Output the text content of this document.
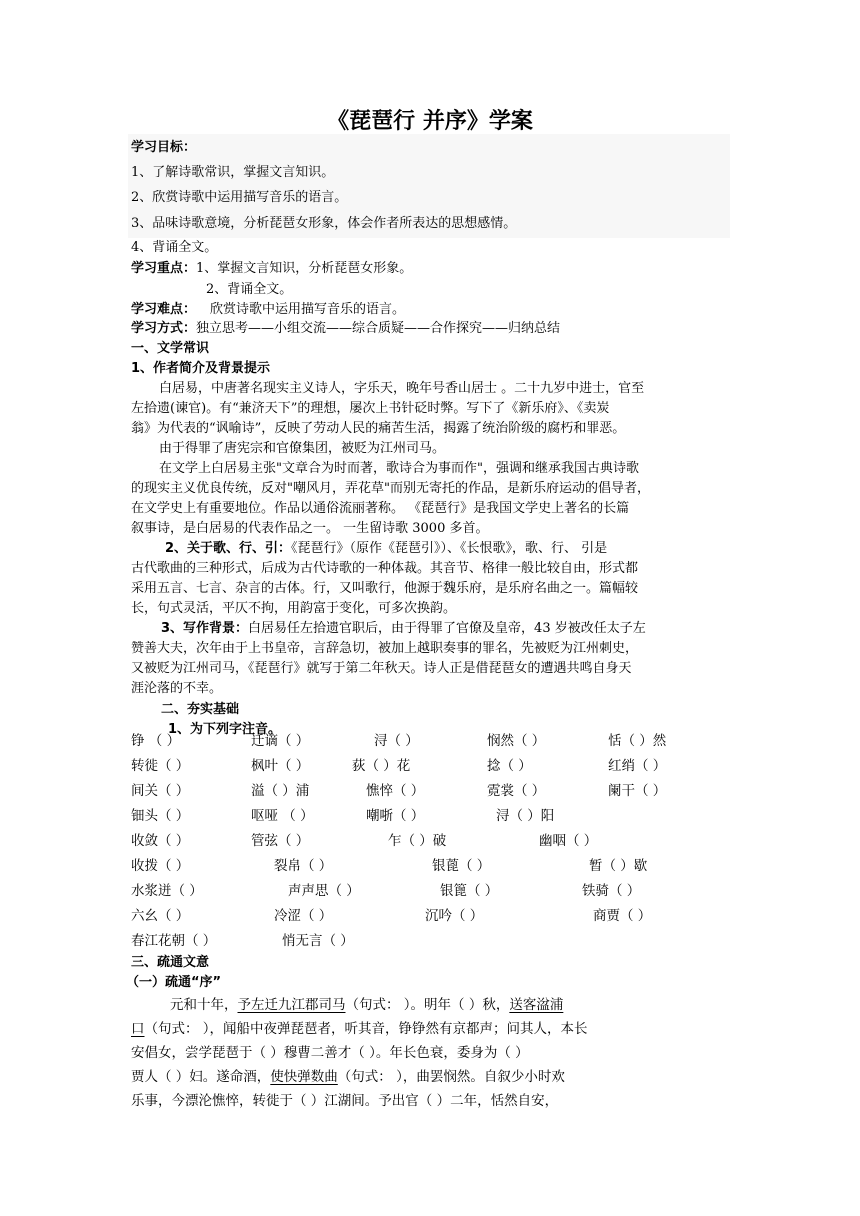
《琵琶行 并序》学案
学习目标：
1、了解诗歌常识，掌握文言知识。
2、欣赏诗歌中运用描写音乐的语言。
3、品味诗歌意境，分析琵琶女形象，体会作者所表达的思想感情。
4、背诵全文。
学习重点：1、掌握文言知识，分析琵琶女形象。
2、背诵全文。
学习难点： 欣赏诗歌中运用描写音乐的语言。
学习方式：独立思考——小组交流——综合质疑——合作探究——归纳总结
一、文学常识
1、作者简介及背景提示
白居易，中唐著名现实主义诗人，字乐天，晚年号香山居士 。二十九岁中进士，官至
左拾遗(谏官)。有“兼济天下”的理想，屡次上书针砭时弊。写下了《新乐府》、《卖炭
翁》为代表的“讽喻诗”，反映了劳动人民的痛苦生活，揭露了统治阶级的腐朽和罪恶。
由于得罪了唐宪宗和官僚集团，被贬为江州司马。
在文学上白居易主张"文章合为时而著，歌诗合为事而作"，强调和继承我国古典诗歌
的现实主义优良传统，反对"嘲风月，弄花草"而别无寄托的作品，是新乐府运动的倡导者，
在文学史上有重要地位。作品以通俗流丽著称。 《琵琶行》是我国文学史上著名的长篇
叙事诗，是白居易的代表作品之一。 一生留诗歌 3000 多首。
2、关于歌、行、引：《琵琶行》（原作《琵琶引》）、《长恨歌》，歌、行、 引是
古代歌曲的三种形式，后成为古代诗歌的一种体裁。其音节、格律一般比较自由，形式都
采用五言、七言、杂言的古体。行，又叫歌行，他源于魏乐府，是乐府名曲之一。篇幅较
长，句式灵活，平仄不拘，用韵富于变化，可多次换韵。
3、写作背景：白居易任左拾遗官职后，由于得罪了官僚及皇帝，43 岁被改任太子左
赞善大夫，次年由于上书皇帝，言辞急切，被加上越职奏事的罪名，先被贬为江州刺史，
又被贬为江州司马，《琵琶行》就写于第二年秋天。诗人正是借琵琶女的遭遇共鸣自身天
涯沦落的不幸。
二、夯实基础
1、为下列字注音。
铮 （ ）	迁谪（ ）	浔（ ）	悯然（ ）	恬（ ）然
转徙（ ）	枫叶（ ）	荻（ ）花	捻（ ）	红绡（ ）
间关（ ）	溢（ ）浦	憔悴（ ）	霓裳（ ）	阑干（ ）
钿头（ ）	呕哑 （ ）	嘲哳（ ）	浔（ ）阳
收敛（ ）	管弦（ ）	乍（ ）破	幽咽（ ）
收拨（ ）	裂帛（ ）	银蓖（ ）	暂（ ）歇
水浆迸（ ）	声声思（ ）	银篦（ ）	铁骑（ ）
六幺（ ）	冷涩（ ）	沉吟（ ）	商贾（ ）
春江花朝（ ）	悄无言（ ）
三、疏通文意
（一）疏通“序”
元和十年，予左迁九江郡司马（句式： ）。明年（ ）秋，送客湓浦
口（句式： ），闻船中夜弹琵琶者，听其音，铮铮然有京都声；问其人，本长
安倡女，尝学琵琶于（ ）穆曹二善才（ ）。年长色衰，委身为（ ）
贾人（ ）妇。遂命酒，使快弹数曲（句式： ），曲罢悯然。自叙少小时欢
乐事，今漂沦憔悴，转徙于（ ）江湖间。予出官（ ）二年，恬然自安，
